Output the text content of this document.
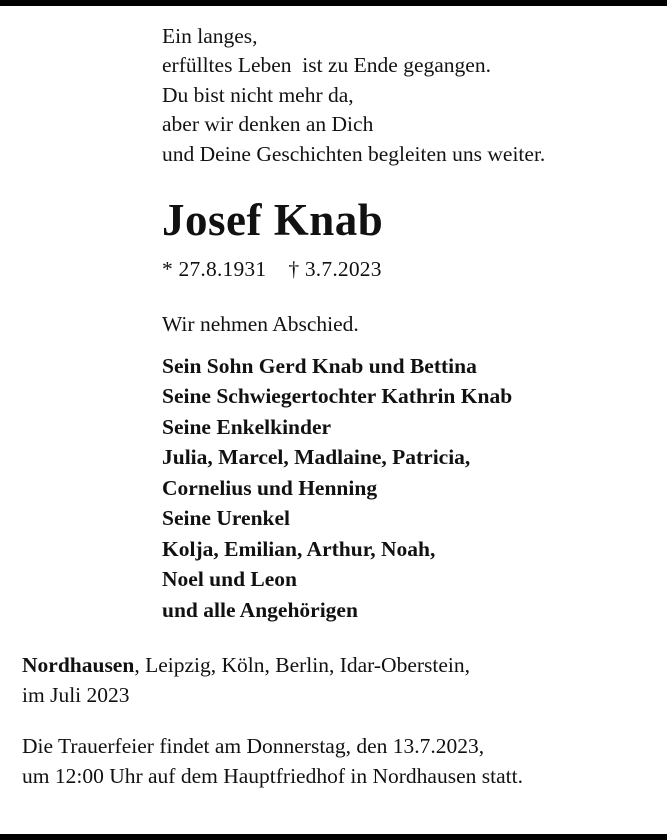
Ein langes,
erfülltes Leben  ist zu Ende gegangen.
Du bist nicht mehr da,
aber wir denken an Dich
und Deine Geschichten begleiten uns weiter.
Josef Knab
* 27.8.1931 † 3.7.2023
Wir nehmen Abschied.
Sein Sohn Gerd Knab und Bettina
Seine Schwiegertochter Kathrin Knab
Seine Enkelkinder
Julia, Marcel, Madlaine, Patricia,
Cornelius und Henning
Seine Urenkel
Kolja, Emilian, Arthur, Noah,
Noel und Leon
und alle Angehörigen
Nordhausen, Leipzig, Köln, Berlin, Idar-Oberstein,
im Juli 2023
Die Trauerfeier findet am Donnerstag, den 13.7.2023,
um 12:00 Uhr auf dem Hauptfriedhof in Nordhausen statt.
